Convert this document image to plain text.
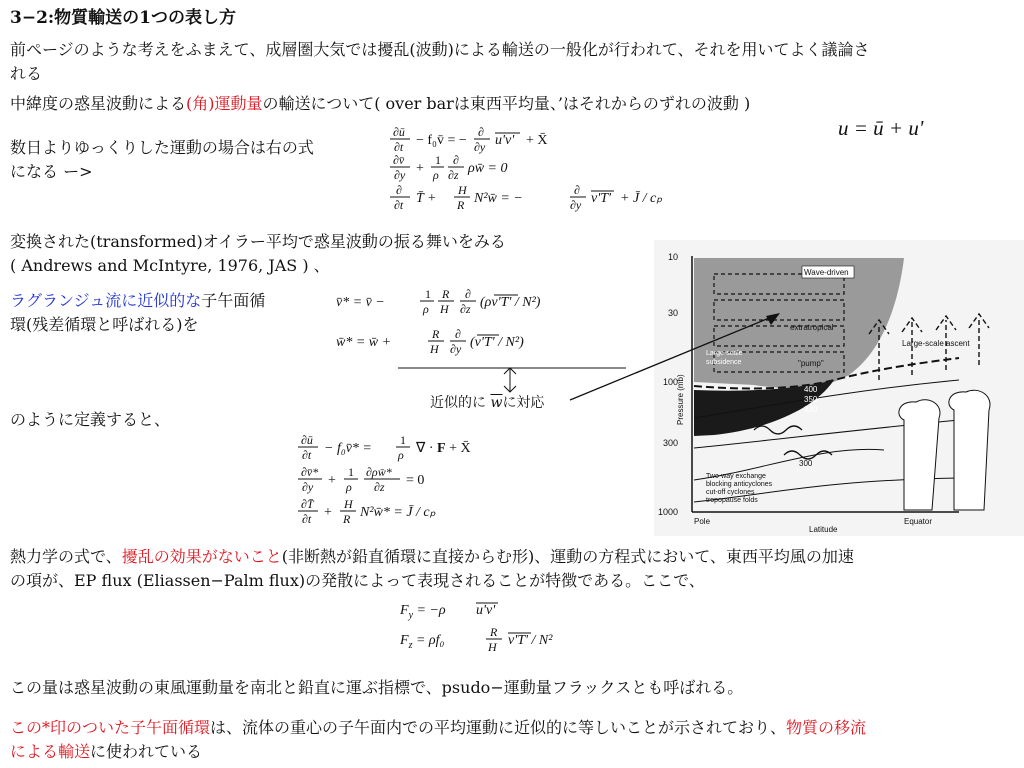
3−2:物質輸送の1つの表し方
前ページのような考えをふまえて、成層圏大気では擾乱(波動)による輸送の一般化が行われて、それを用いてよく議論さ
れる
中緯度の惑星波動による(角)運動量の輸送について( over barは東西平均量、’はそれからのずれの波動 )
u = ū + u'
数日よりゆっくりした運動の場合は右の式
になる ー>
∂ū
∂t − f₀v̄ = −
∂
∂y u'v' + X̄
∂v̄
∂y +
1
ρ
∂
∂z ρw̄ = 0
∂
∂t T̄ +
H
R N²w̄ = −
∂
∂y v'T' + J̄ / cₚ
変換された(transformed)オイラー平均で惑星波動の振る舞いをみる
( Andrews and McIntyre, 1976, JAS ) 、
ラグランジュ流に近似的な子午面循
環(残差循環と呼ばれる)を
v̄* = v̄ −
1
ρ
R
H
∂
∂z (ρv'T' / N²)
w̄* = w̄ +
R
H
∂
∂y (v'T' / N²)
近似的に $\overline{w}$に対応
のように定義すると、
∂ū
∂t − f₀v̄* =
1
ρ ∇ · F + X̄
∂v̄*
∂y +
1
ρ
∂ρw̄*
∂z = 0
∂T̄
∂t +
H
R N²w̄* = J̄ / cₚ
熱力学の式で、擾乱の効果がないこと(非断熱が鉛直循環に直接からむ形)、運動の方程式において、東西平均風の加速
の項が、EP flux (Eliassen−Palm flux)の発散によって表現されることが特徴である。ここで、
$F_y = -\rho$ u'v'
$F_z = \rho f_0$
R
H v'T' / N²
この量は惑星波動の東風運動量を南北と鉛直に運ぶ指標で、psudo−運動量フラックスとも呼ばれる。
この*印のついた子午面循環は、流体の重心の子午面内での平均運動に近似的に等しいことが示されており、物質の移流
による輸送に使われている
10
30
100
300
1000
Pressure (mb)
Pole
Latitude
Equator
400
350
330
300
Wave-driven
extratropical
"pump"
Large-scale
subsidence
Large-scale ascent
Two-way exchange
blocking anticyclones
cut-off cyclones
tropopause folds
